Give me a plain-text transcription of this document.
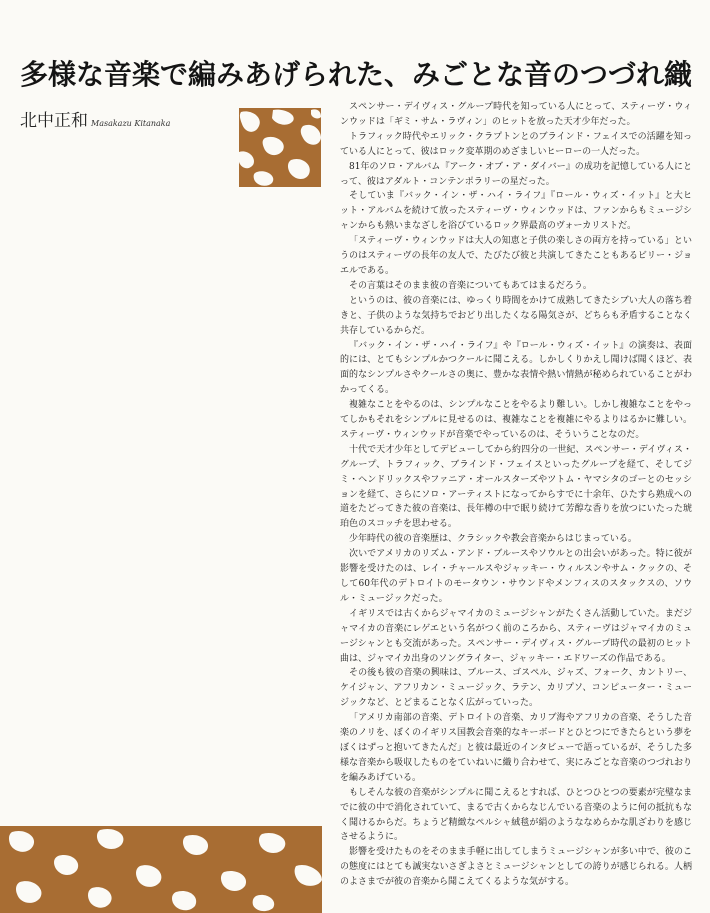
多様な音楽で編みあげられた、みごとな音のつづれ織
北中正和 Masakazu Kitanaka

スペンサー・デイヴィス・グループ時代を知っている人にとって、スティーヴ・ウィンウッドは「ギミ・サム・ラヴィン」のヒットを放った天才少年だった。

トラフィック時代やエリック・クラプトンとのブラインド・フェイスでの活躍を知っている人にとって、彼はロック変革期のめざましいヒーローの一人だった。

81年のソロ・アルバム『アーク・オブ・ア・ダイバー』の成功を記憶している人にとって、彼はアダルト・コンテンポラリーの星だった。

そしていま『バック・イン・ザ・ハイ・ライフ』『ロール・ウィズ・イット』と大ヒット・アルバムを続けて放ったスティーヴ・ウィンウッドは、ファンからもミュージシャンからも熱いまなざしを浴びているロック界最高のヴォーカリストだ。

「スティーヴ・ウィンウッドは大人の知恵と子供の楽しさの両方を持っている」というのはスティーヴの長年の友人で、たびたび彼と共演してきたこともあるビリー・ジョエルである。

その言葉はそのまま彼の音楽についてもあてはまるだろう。

というのは、彼の音楽には、ゆっくり時間をかけて成熟してきたシブい大人の落ち着きと、子供のような気持ちでおどり出したくなる陽気さが、どちらも矛盾することなく共存しているからだ。

『バック・イン・ザ・ハイ・ライフ』や『ロール・ウィズ・イット』の演奏は、表面的には、とてもシンプルかつクールに聞こえる。しかしくりかえし聞けば聞くほど、表面的なシンプルさやクールさの奥に、豊かな表情や熱い情熱が秘められていることがわかってくる。

複雑なことをやるのは、シンプルなことをやるより難しい。しかし複雑なことをやってしかもそれをシンプルに見せるのは、複雑なことを複雑にやるよりはるかに難しい。スティーヴ・ウィンウッドが音楽でやっているのは、そういうことなのだ。

十代で天才少年としてデビューしてから約四分の一世紀、スペンサー・デイヴィス・グループ、トラフィック、ブラインド・フェイスといったグループを経て、そしてジミ・ヘンドリックスやファニア・オールスターズやツトム・ヤマシタのゴーとのセッションを経て、さらにソロ・アーティストになってからすでに十余年、ひたすら熟成への道をたどってきた彼の音楽は、長年樽の中で眠り続けて芳醇な香りを放つにいたった琥珀色のスコッチを思わせる。

少年時代の彼の音楽歴は、クラシックや教会音楽からはじまっている。

次いでアメリカのリズム・アンド・ブルースやソウルとの出会いがあった。特に彼が影響を受けたのは、レイ・チャールスやジャッキー・ウィルスンやサム・クックの、そして60年代のデトロイトのモータウン・サウンドやメンフィスのスタックスの、ソウル・ミュージックだった。

イギリスでは古くからジャマイカのミュージシャンがたくさん活動していた。まだジャマイカの音楽にレゲエという名がつく前のころから、スティーヴはジャマイカのミュージシャンとも交流があった。スペンサー・デイヴィス・グループ時代の最初のヒット曲は、ジャマイカ出身のソングライター、ジャッキー・エドワーズの作品である。

その後も彼の音楽の興味は、ブルース、ゴスペル、ジャズ、フォーク、カントリー、ケイジャン、アフリカン・ミュージック、ラテン、カリプソ、コンピューター・ミュージックなど、とどまることなく広がっていった。

「アメリカ南部の音楽、デトロイトの音楽、カリブ海やアフリカの音楽、そうした音楽のノリを、ぼくのイギリス国教会音楽的なキーボードとひとつにできたらという夢をぼくはずっと抱いてきたんだ」と彼は最近のインタビューで語っているが、そうした多様な音楽から吸収したものをていねいに織り合わせて、実にみごとな音楽のつづれおりを編みあげている。

もしそんな彼の音楽がシンプルに聞こえるとすれば、ひとつひとつの要素が完璧なまでに彼の中で消化されていて、まるで古くからなじんでいる音楽のように何の抵抗もなく聞けるからだ。ちょうど精緻なペルシャ絨毯が絹のようななめらかな肌ざわりを感じさせるように。

影響を受けたものをそのまま手軽に出してしまうミュージシャンが多い中で、彼のこの態度にはとても誠実ないさぎよさとミュージシャンとしての誇りが感じられる。人柄のよさまでが彼の音楽から聞こえてくるような気がする。
